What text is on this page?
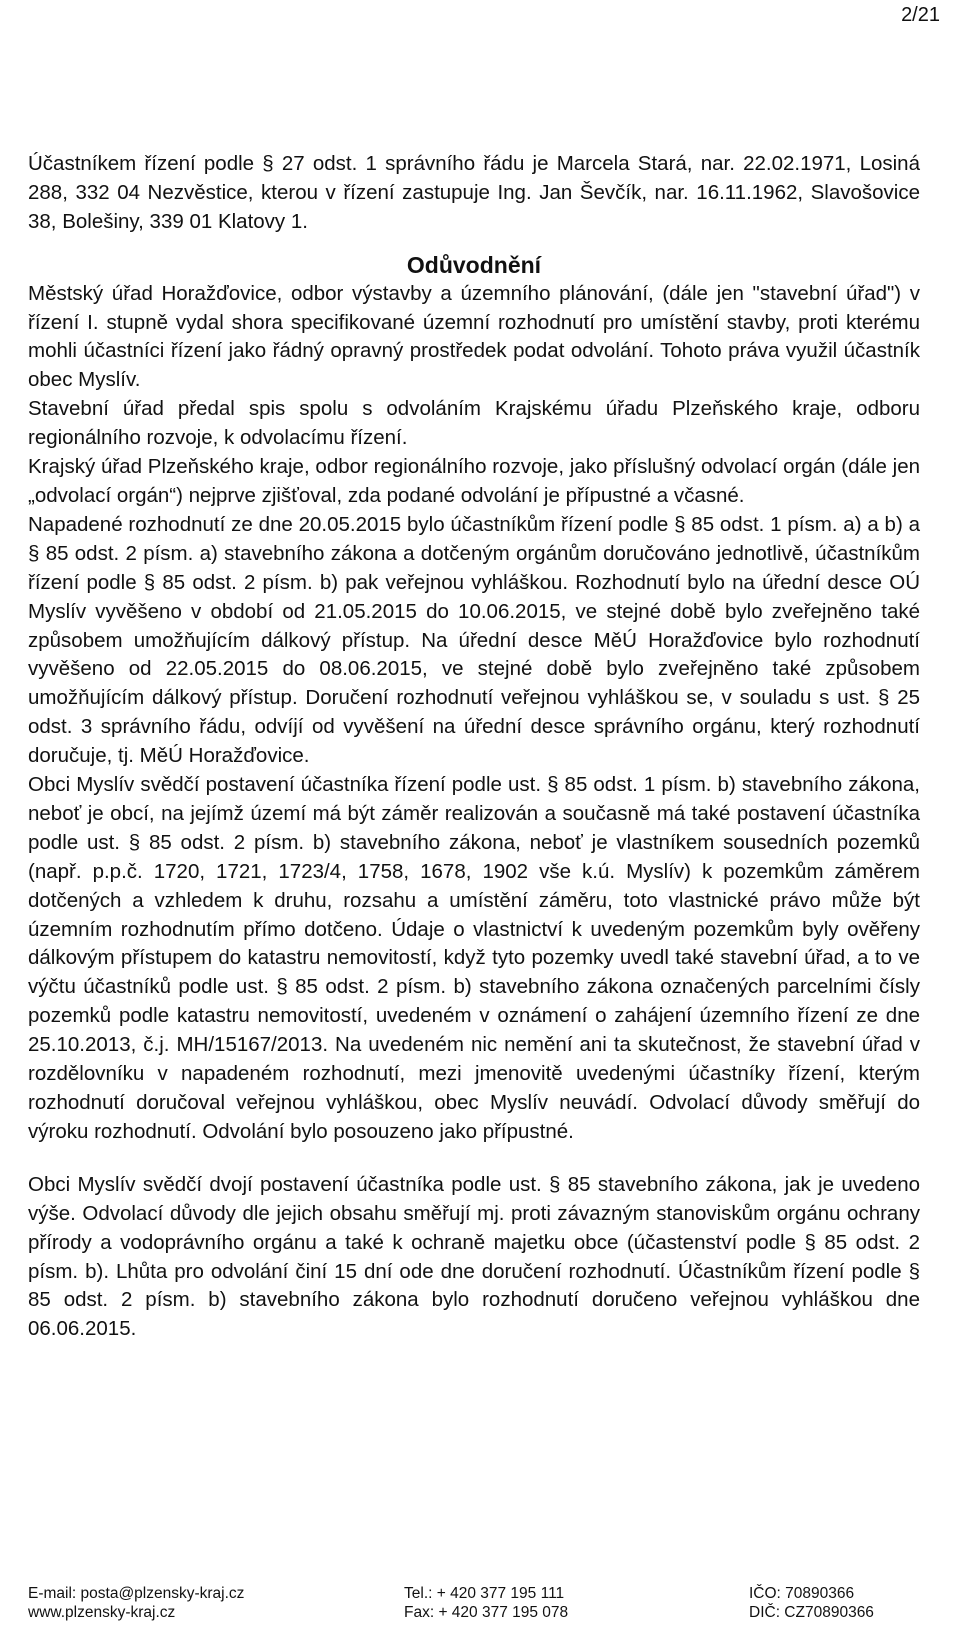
2/21

Účastníkem řízení podle § 27 odst. 1 správního řádu je Marcela Stará, nar. 22.02.1971, Losiná 288, 332 04 Nezvěstice, kterou v řízení zastupuje Ing. Jan Ševčík, nar. 16.11.1962, Slavošovice 38, Bolešiny, 339 01 Klatovy 1.

Odůvodnění

Městský úřad Horažďovice, odbor výstavby a územního plánování, (dále jen "stavební úřad") v řízení I. stupně vydal shora specifikované územní rozhodnutí pro umístění stavby, proti kterému mohli účastníci řízení jako řádný opravný prostředek podat odvolání. Tohoto práva využil účastník obec Myslív.

Stavební úřad předal spis spolu s odvoláním Krajskému úřadu Plzeňského kraje, odboru regionálního rozvoje, k odvolacímu řízení.

Krajský úřad Plzeňského kraje, odbor regionálního rozvoje, jako příslušný odvolací orgán (dále jen „odvolací orgán“) nejprve zjišťoval, zda podané odvolání je přípustné a včasné.

Napadené rozhodnutí ze dne 20.05.2015 bylo účastníkům řízení podle § 85 odst. 1 písm. a) a b) a § 85 odst. 2 písm. a) stavebního zákona a dotčeným orgánům doručováno jednotlivě, účastníkům řízení podle § 85 odst. 2 písm. b) pak veřejnou vyhláškou. Rozhodnutí bylo na úřední desce OÚ Myslív vyvěšeno v období od 21.05.2015 do 10.06.2015, ve stejné době bylo zveřejněno také způsobem umožňujícím dálkový přístup. Na úřední desce MěÚ Horažďovice bylo rozhodnutí vyvěšeno od 22.05.2015 do 08.06.2015, ve stejné době bylo zveřejněno také způsobem umožňujícím dálkový přístup. Doručení rozhodnutí veřejnou vyhláškou se, v souladu s ust. § 25 odst. 3 správního řádu, odvíjí od vyvěšení na úřední desce správního orgánu, který rozhodnutí doručuje, tj. MěÚ Horažďovice.

Obci Myslív svědčí postavení účastníka řízení podle ust. § 85 odst. 1 písm. b) stavebního zákona, neboť je obcí, na jejímž území má být záměr realizován a současně má také postavení účastníka podle ust. § 85 odst. 2 písm. b) stavebního zákona, neboť je vlastníkem sousedních pozemků (např. p.p.č. 1720, 1721, 1723/4, 1758, 1678, 1902 vše k.ú. Myslív) k pozemkům záměrem dotčených a vzhledem k druhu, rozsahu a umístění záměru, toto vlastnické právo může být územním rozhodnutím přímo dotčeno. Údaje o vlastnictví k uvedeným pozemkům byly ověřeny dálkovým přístupem do katastru nemovitostí, když tyto pozemky uvedl také stavební úřad, a to ve výčtu účastníků podle ust. § 85 odst. 2 písm. b) stavebního zákona označených parcelními čísly pozemků podle katastru nemovitostí, uvedeném v oznámení o zahájení územního řízení ze dne 25.10.2013, č.j. MH/15167/2013. Na uvedeném nic nemění ani ta skutečnost, že stavební úřad v rozdělovníku v napadeném rozhodnutí, mezi jmenovitě uvedenými účastníky řízení, kterým rozhodnutí doručoval veřejnou vyhláškou, obec Myslív neuvádí. Odvolací důvody směřují do výroku rozhodnutí. Odvolání bylo posouzeno jako přípustné.

Obci Myslív svědčí dvojí postavení účastníka podle ust. § 85 stavebního zákona, jak je uvedeno výše. Odvolací důvody dle jejich obsahu směřují mj. proti závazným stanoviskům orgánu ochrany přírody a vodoprávního orgánu a také k ochraně majetku obce (účastenství podle § 85 odst. 2 písm. b). Lhůta pro odvolání činí 15 dní ode dne doručení rozhodnutí. Účastníkům řízení podle § 85 odst. 2 písm. b) stavebního zákona bylo rozhodnutí doručeno veřejnou vyhláškou dne 06.06.2015.

E-mail: posta@plzensky-kraj.cz
www.plzensky-kraj.cz
Tel.: + 420 377 195 111
Fax: + 420 377 195 078
IČO: 70890366
DIČ: CZ70890366
